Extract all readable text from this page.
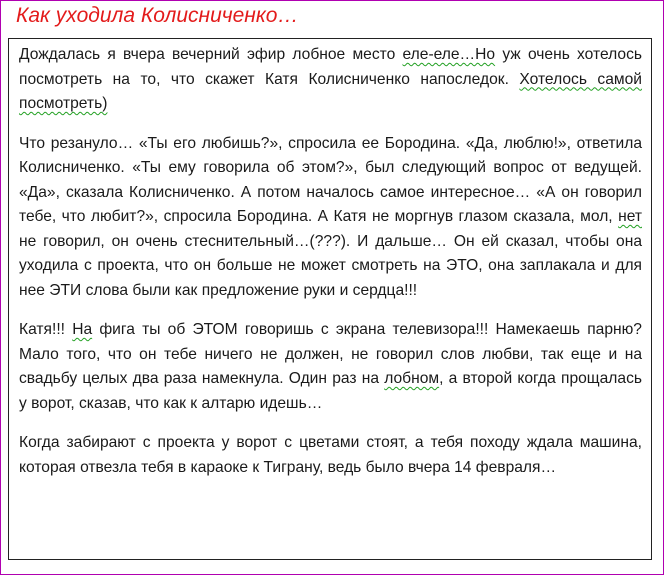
Как уходила Колисниченко…

Дождалась я вчера вечерний эфир лобное место еле-еле…Но уж очень хотелось посмотреть на то, что скажет Катя Колисниченко напоследок. Хотелось самой посмотреть)

Что резануло… «Ты его любишь?», спросила ее Бородина. «Да, люблю!», ответила Колисниченко. «Ты ему говорила об этом?», был следующий вопрос от ведущей. «Да», сказала Колисниченко. А потом началось самое интересное… «А он говорил тебе, что любит?», спросила Бородина. А Катя не моргнув глазом сказала, мол, нет не говорил, он очень стеснительный…(???). И дальше… Он ей сказал, чтобы она уходила с проекта, что он больше не может смотреть на ЭТО, она заплакала и для нее ЭТИ слова были как предложение руки и сердца!!!

Катя!!! На фига ты об ЭТОМ говоришь с экрана телевизора!!! Намекаешь парню? Мало того, что он тебе ничего не должен, не говорил слов любви, так еще и на свадьбу целых два раза намекнула. Один раз на лобном, а второй когда прощалась у ворот, сказав, что как к алтарю идешь…

Когда забирают с проекта у ворот с цветами стоят, а тебя походу ждала машина, которая отвезла тебя в караоке к Тиграну, ведь было вчера 14 февраля…
